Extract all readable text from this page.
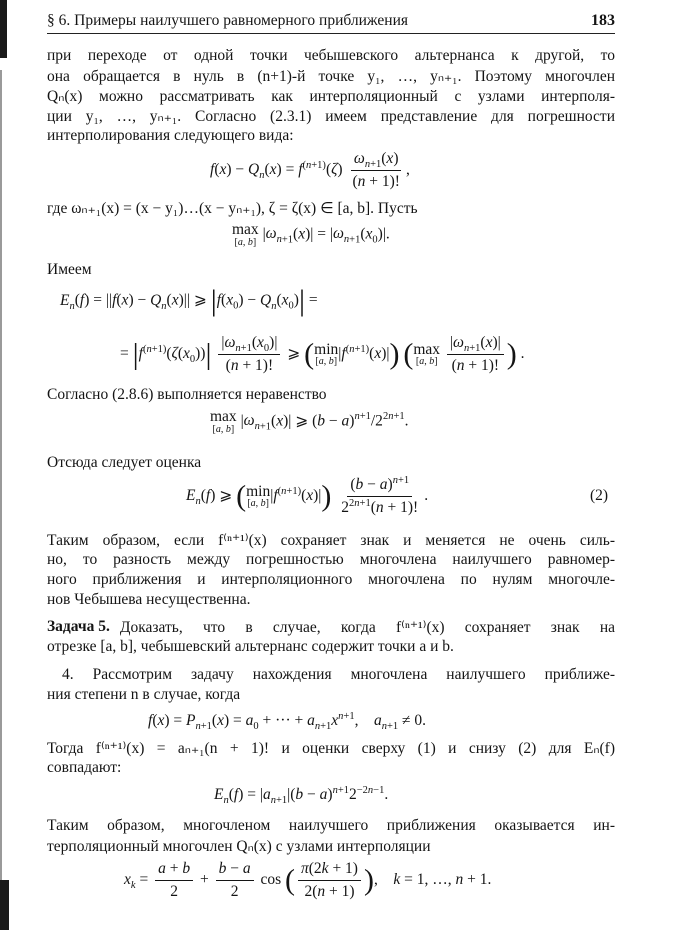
§ 6. Примеры наилучшего равномерного приближения	183
при переходе от одной точки чебышевского альтернанса к другой, то
она обращается в нуль в (n+1)-й точке y₁, …, yₙ₊₁. Поэтому многочлен
Qₙ(x) можно рассматривать как интерполяционный с узлами интерполя-
ции y₁, …, yₙ₊₁. Согласно (2.3.1) имеем представление для погрешности
интерполирования следующего вида:
$f(x) - Q_n(x) = f^{(n+1)}(\zeta) \frac{\omega_{n+1}(x)}{(n + 1)!}$ ,
где ωₙ₊₁(x) = (x − y₁)…(x − yₙ₊₁), ζ = ζ(x) ∈ [a, b]. Пусть
max
[a, b] $|\omega_{n+1}(x)| = |\omega_{n+1}(x_0)|$.
Имеем
$E_n(f) = ||f(x) - Q_n(x)||$ ⩾ $|f(x_0) - Q_n(x_0)|$ =
= $|f^{(n+1)}(\zeta(x_0))| \frac{|\omega_{n+1}(x_0)|}{(n + 1)!}$ ⩾ ( min
[a, b] $|f^{(n+1)}(x)|$) ( max
[a, b]
$\frac{|\omega_{n+1}(x)|}{(n + 1)!}$ ) .
Согласно (2.8.6) выполняется неравенство
max
[a, b] $|\omega_{n+1}(x)|$ ⩾ $(b - a)^{n+1}/2^{2n+1}$.
Отсюда следует оценка
$E_n(f)$ ⩾ ( min
[a, b] $|f^{(n+1)}(x)|) \frac{(b - a)^{n+1}}{2^{2n+1}(n + 1)!}$ .	(2)
Таким образом, если f⁽ⁿ⁺¹⁾(x) сохраняет знак и меняется не очень силь-
но, то разность между погрешностью многочлена наилучшего равномер-
ного приближения и интерполяционного многочлена по нулям многочле-
нов Чебышева несущественна.
Задача 5. Доказать, что в случае, когда f⁽ⁿ⁺¹⁾(x) сохраняет знак на
отрезке [a, b], чебышевский альтернанс содержит точки a и b.
4. Рассмотрим задачу нахождения многочлена наилучшего приближе-
ния степени n в случае, когда
$f(x) = P_{n+1}(x) = a_0$ + ··· + $a_{n+1}x^{n+1}$,    $a_{n+1} \ne 0$.
Тогда f⁽ⁿ⁺¹⁾(x) = aₙ₊₁(n + 1)! и оценки сверху (1) и снизу (2) для Eₙ(f)
совпадают:
$E_n(f) = |a_{n+1}|(b - a)^{n+1}2^{-2n-1}$.
Таким образом, многочленом наилучшего приближения оказывается ин-
терполяционный многочлен Qₙ(x) с узлами интерполяции
$x_k = \frac{a + b}{2} + \frac{b - a}{2}$ cos ( $\frac{\pi(2k + 1)}{2(n + 1)}$ ),    k = 1, …, n + 1.
